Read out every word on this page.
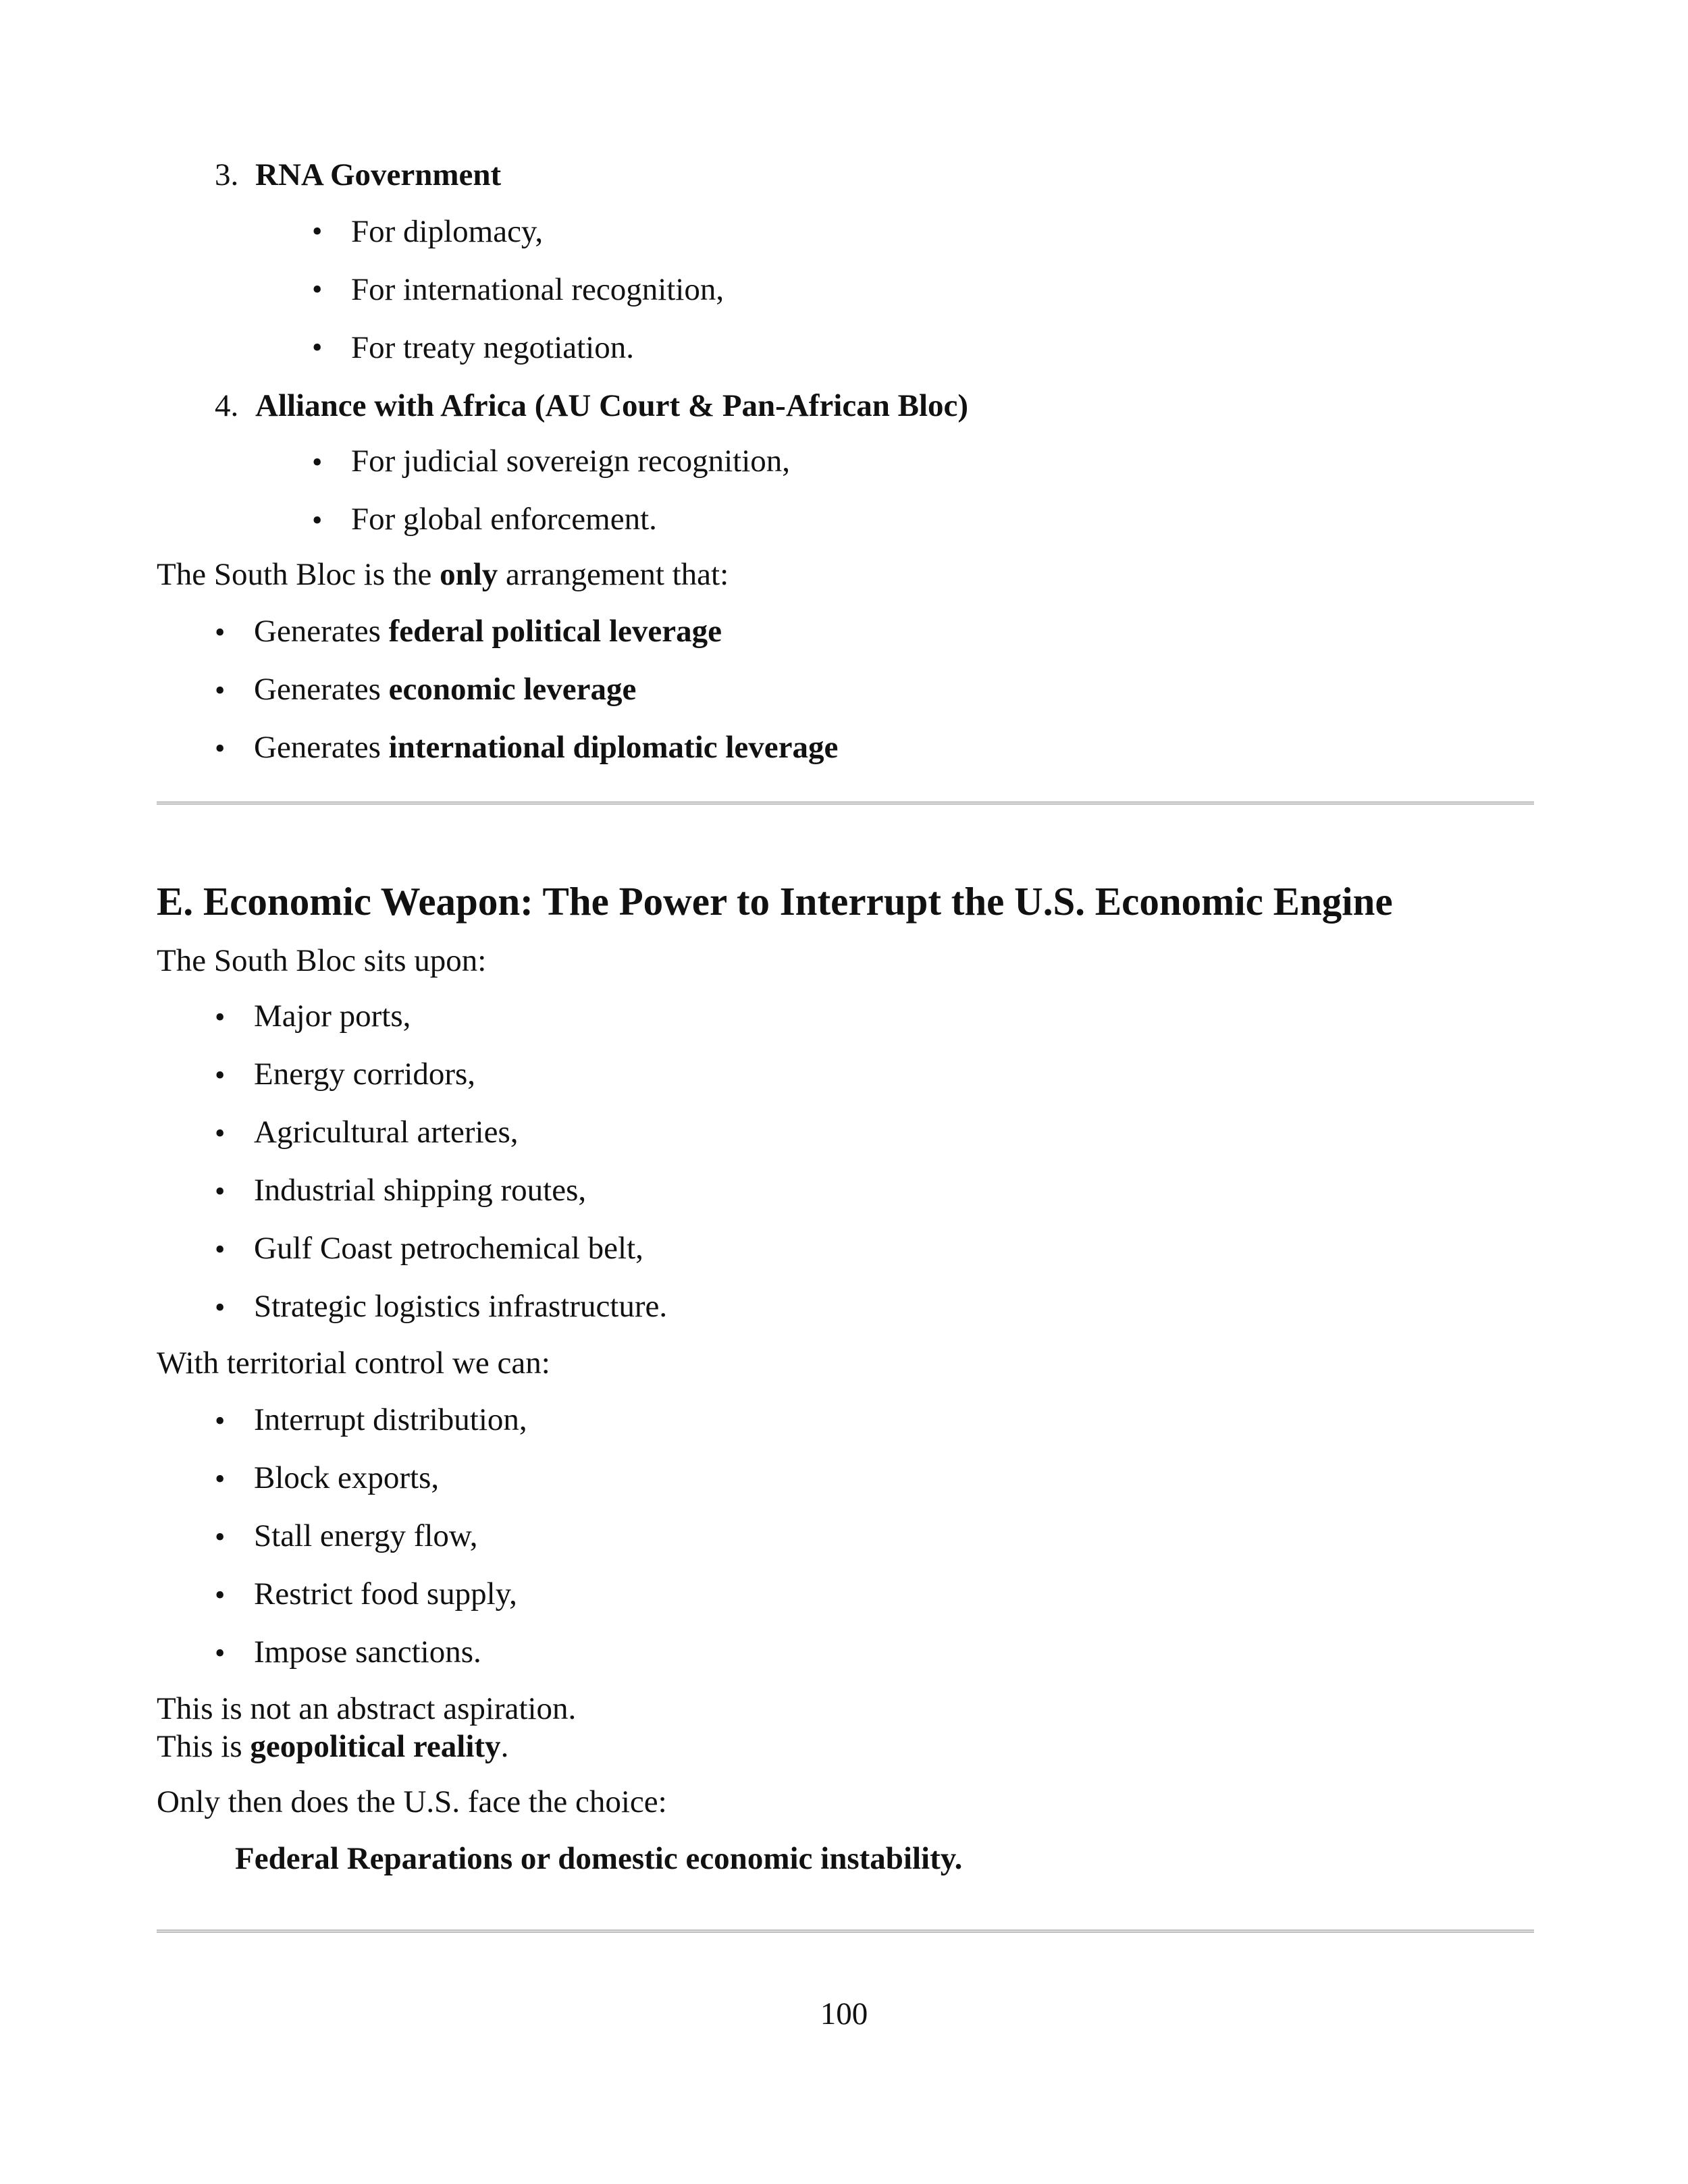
3. RNA Government
• For diplomacy,
• For international recognition,
• For treaty negotiation.
4. Alliance with Africa (AU Court & Pan-African Bloc)
• For judicial sovereign recognition,
• For global enforcement.
The South Bloc is the only arrangement that:
• Generates federal political leverage
• Generates economic leverage
• Generates international diplomatic leverage
E. Economic Weapon: The Power to Interrupt the U.S. Economic Engine
The South Bloc sits upon:
• Major ports,
• Energy corridors,
• Agricultural arteries,
• Industrial shipping routes,
• Gulf Coast petrochemical belt,
• Strategic logistics infrastructure.
With territorial control we can:
• Interrupt distribution,
• Block exports,
• Stall energy flow,
• Restrict food supply,
• Impose sanctions.
This is not an abstract aspiration.
This is geopolitical reality.
Only then does the U.S. face the choice:
Federal Reparations or domestic economic instability.
100
